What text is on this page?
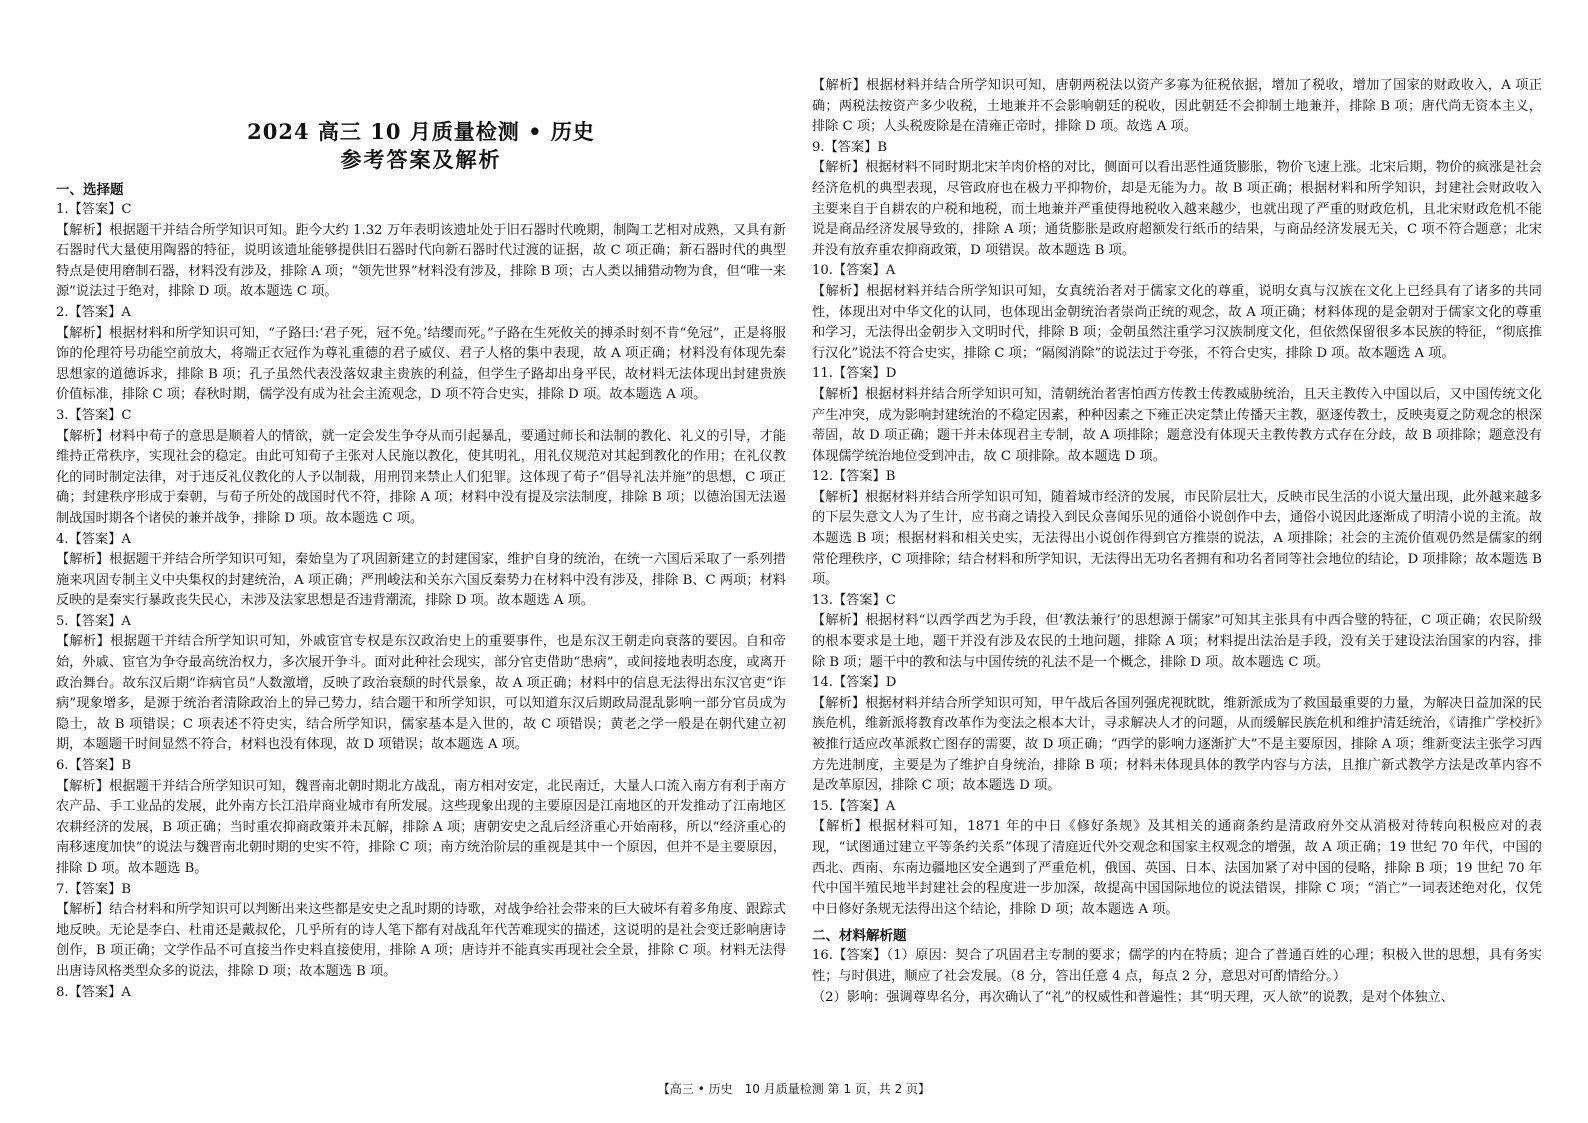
2024 高三 10 月质量检测 • 历史
参考答案及解析
一、选择题
1.【答案】C
【解析】根据题干并结合所学知识可知。距今大约 1.32 万年表明该遗址处于旧石器时代晚期，制陶工艺相对成熟，又具有新石器时代大量使用陶器的特征，说明该遗址能够提供旧石器时代向新石器时代过渡的证据，故 C 项正确；新石器时代的典型特点是使用磨制石器，材料没有涉及，排除 A 项；“领先世界”材料没有涉及，排除 B 项；古人类以捕猎动物为食，但“唯一来源”说法过于绝对，排除 D 项。故本题选 C 项。
2.【答案】A
【解析】根据材料和所学知识可知，“子路曰:‘君子死，冠不免。’结缨而死。”子路在生死攸关的搏杀时刻不肯“免冠”，正是将服饰的伦理符号功能空前放大，将端正衣冠作为尊礼重德的君子威仪、君子人格的集中表现，故 A 项正确；材料没有体现先秦思想家的道德诉求，排除 B 项；孔子虽然代表没落奴隶主贵族的利益，但学生子路却出身平民，故材料无法体现出封建贵族价值标准，排除 C 项；春秋时期，儒学没有成为社会主流观念，D 项不符合史实，排除 D 项。故本题选 A 项。
3.【答案】C
【解析】材料中荀子的意思是顺着人的情欲，就一定会发生争夺从而引起暴乱，要通过师长和法制的教化、礼义的引导，才能维持正常秩序，实现社会的稳定。由此可知荀子主张对人民施以教化，使其明礼，用礼仪规范对其起到教化的作用；在礼仪教化的同时制定法律，对于违反礼仪教化的人予以制裁，用刑罚来禁止人们犯罪。这体现了荀子“倡导礼法并施”的思想，C 项正确；封建秩序形成于秦朝，与荀子所处的战国时代不符，排除 A 项；材料中没有提及宗法制度，排除 B 项；以德治国无法遏制战国时期各个诸侯的兼并战争，排除 D 项。故本题选 C 项。
4.【答案】A
【解析】根据题干并结合所学知识可知，秦始皇为了巩固新建立的封建国家，维护自身的统治，在统一六国后采取了一系列措施来巩固专制主义中央集权的封建统治，A 项正确；严刑峻法和关东六国反秦势力在材料中没有涉及，排除 B、C 两项；材料反映的是秦实行暴政丧失民心，未涉及法家思想是否违背潮流，排除 D 项。故本题选 A 项。
5.【答案】A
【解析】根据题干并结合所学知识可知，外戚宦官专权是东汉政治史上的重要事件，也是东汉王朝走向衰落的要因。自和帝始，外戚、宦官为争夺最高统治权力，多次展开争斗。面对此种社会现实，部分官吏借助“患病”，或间接地表明态度，或离开政治舞台。故东汉后期“诈病官员”人数激增，反映了政治衰颓的时代景象，故 A 项正确；材料中的信息无法得出东汉官吏“诈病”现象增多，是源于统治者清除政治上的异己势力，结合题干和所学知识，可以知道东汉后期政局混乱影响一部分官员成为隐士，故 B 项错误；C 项表述不符史实，结合所学知识，儒家基本是入世的，故 C 项错误；黄老之学一般是在朝代建立初期，本题题干时间显然不符合，材料也没有体现，故 D 项错误；故本题选 A 项。
6.【答案】B
【解析】根据题干并结合所学知识可知，魏晋南北朝时期北方战乱，南方相对安定，北民南迁，大量人口流入南方有利于南方农产品、手工业品的发展，此外南方长江沿岸商业城市有所发展。这些现象出现的主要原因是江南地区的开发推动了江南地区农耕经济的发展，B 项正确；当时重农抑商政策并未瓦解，排除 A 项；唐朝安史之乱后经济重心开始南移，所以“经济重心的南移速度加快”的说法与魏晋南北朝时期的史实不符，排除 C 项；南方统治阶层的重视是其中一个原因，但并不是主要原因，排除 D 项。故本题选 B。
7.【答案】B
【解析】结合材料和所学知识可以判断出来这些都是安史之乱时期的诗歌，对战争给社会带来的巨大破坏有着多角度、跟踪式地反映。无论是李白、杜甫还是戴叔伦，几乎所有的诗人笔下都有对战乱年代苦难现实的描述，这说明的是社会变迁影响唐诗创作，B 项正确；文学作品不可直接当作史料直接使用，排除 A 项；唐诗并不能真实再现社会全景，排除 C 项。材料无法得出唐诗风格类型众多的说法，排除 D 项；故本题选 B 项。
8.【答案】A
【解析】根据材料并结合所学知识可知，唐朝两税法以资产多寡为征税依据，增加了税收，增加了国家的财政收入，A 项正确；两税法按资产多少收税，土地兼并不会影响朝廷的税收，因此朝廷不会抑制土地兼并，排除 B 项；唐代尚无资本主义，排除 C 项；人头税废除是在清雍正帝时，排除 D 项。故选 A 项。
9.【答案】B
【解析】根据材料不同时期北宋羊肉价格的对比，侧面可以看出恶性通货膨胀，物价飞速上涨。北宋后期，物价的疯涨是社会经济危机的典型表现，尽管政府也在极力平抑物价，却是无能为力。故 B 项正确；根据材料和所学知识，封建社会财政收入主要来自于自耕农的户税和地税，而土地兼并严重使得地税收入越来越少，也就出现了严重的财政危机，且北宋财政危机不能说是商品经济发展导致的，排除 A 项；通货膨胀是政府超额发行纸币的结果，与商品经济发展无关，C 项不符合题意；北宋并没有放弃重农抑商政策，D 项错误。故本题选 B 项。
10.【答案】A
【解析】根据材料并结合所学知识可知，女真统治者对于儒家文化的尊重，说明女真与汉族在文化上已经具有了诸多的共同性，体现出对中华文化的认同，也体现出金朝统治者崇尚正统的观念，故 A 项正确；材料体现的是金朝对于儒家文化的尊重和学习，无法得出金朝步入文明时代，排除 B 项；金朝虽然注重学习汉族制度文化，但依然保留很多本民族的特征，“彻底推行汉化”说法不符合史实，排除 C 项；“隔阂消除”的说法过于夸张，不符合史实，排除 D 项。故本题选 A 项。
11.【答案】D
【解析】根据材料并结合所学知识可知，清朝统治者害怕西方传教士传教威胁统治，且天主教传入中国以后，又中国传统文化产生冲突，成为影响封建统治的不稳定因素，种种因素之下雍正决定禁止传播天主教，驱逐传教士，反映夷夏之防观念的根深蒂固，故 D 项正确；题干并未体现君主专制，故 A 项排除；题意没有体现天主教传教方式存在分歧，故 B 项排除；题意没有体现儒学统治地位受到冲击，故 C 项排除。故本题选 D 项。
12.【答案】B
【解析】根据材料并结合所学知识可知，随着城市经济的发展，市民阶层壮大，反映市民生活的小说大量出现，此外越来越多的下层失意文人为了生计，应书商之请投入到民众喜闻乐见的通俗小说创作中去，通俗小说因此逐渐成了明清小说的主流。故本题选 B 项；根据材料和相关史实，无法得出小说创作得到官方推崇的说法，A 项排除；社会的主流价值观仍然是儒家的纲常伦理秩序，C 项排除；结合材料和所学知识，无法得出无功名者拥有和功名者同等社会地位的结论，D 项排除；故本题选 B 项。
13.【答案】C
【解析】根据材料“以西学西艺为手段，但‘教法兼行’的思想源于儒家”可知其主张具有中西合璧的特征，C 项正确；农民阶级的根本要求是土地，题干并没有涉及农民的土地问题，排除 A 项；材料提出法治是手段，没有关于建设法治国家的内容，排除 B 项；题干中的教和法与中国传统的礼法不是一个概念，排除 D 项。故本题选 C 项。
14.【答案】D
【解析】根据材料并结合所学知识可知，甲午战后各国列强虎视眈眈，维新派成为了救国最重要的力量，为解决日益加深的民族危机，维新派将教育改革作为变法之根本大计，寻求解决人才的问题，从而缓解民族危机和维护清廷统治，《请推广学校折》被推行适应改革派救亡图存的需要，故 D 项正确；“西学的影响力逐渐扩大”不是主要原因，排除 A 项；维新变法主张学习西方先进制度，主要是为了维护自身统治，排除 B 项；材料未体现具体的教学内容与方法，且推广新式教学方法是改革内容不是改革原因，排除 C 项；故本题选 D 项。
15.【答案】A
【解析】根据材料可知，1871 年的中日《修好条规》及其相关的通商条约是清政府外交从消极对待转向积极应对的表现，“试图通过建立平等条约关系”体现了清庭近代外交观念和国家主权观念的增强，故 A 项正确；19 世纪 70 年代，中国的西北、西南、东南边疆地区安全遇到了严重危机，俄国、英国、日本、法国加紧了对中国的侵略，排除 B 项；19 世纪 70 年代中国半殖民地半封建社会的程度进一步加深，故提高中国国际地位的说法错误，排除 C 项；“消亡”一词表述绝对化，仅凭中日修好条规无法得出这个结论，排除 D 项；故本题选 A 项。
二、材料解析题
16.【答案】（1）原因：契合了巩固君主专制的要求；儒学的内在特质；迎合了普通百姓的心理；积极入世的思想，具有务实性；与时俱进，顺应了社会发展。（8 分，答出任意 4 点，每点 2 分，意思对可酌情给分。）
（2）影响：强调尊卑名分，再次确认了“礼”的权威性和普遍性；其“明天理，灭人欲”的说教，是对个体独立、
【高三 • 历史　10 月质量检测 第 1 页，共 2 页】
